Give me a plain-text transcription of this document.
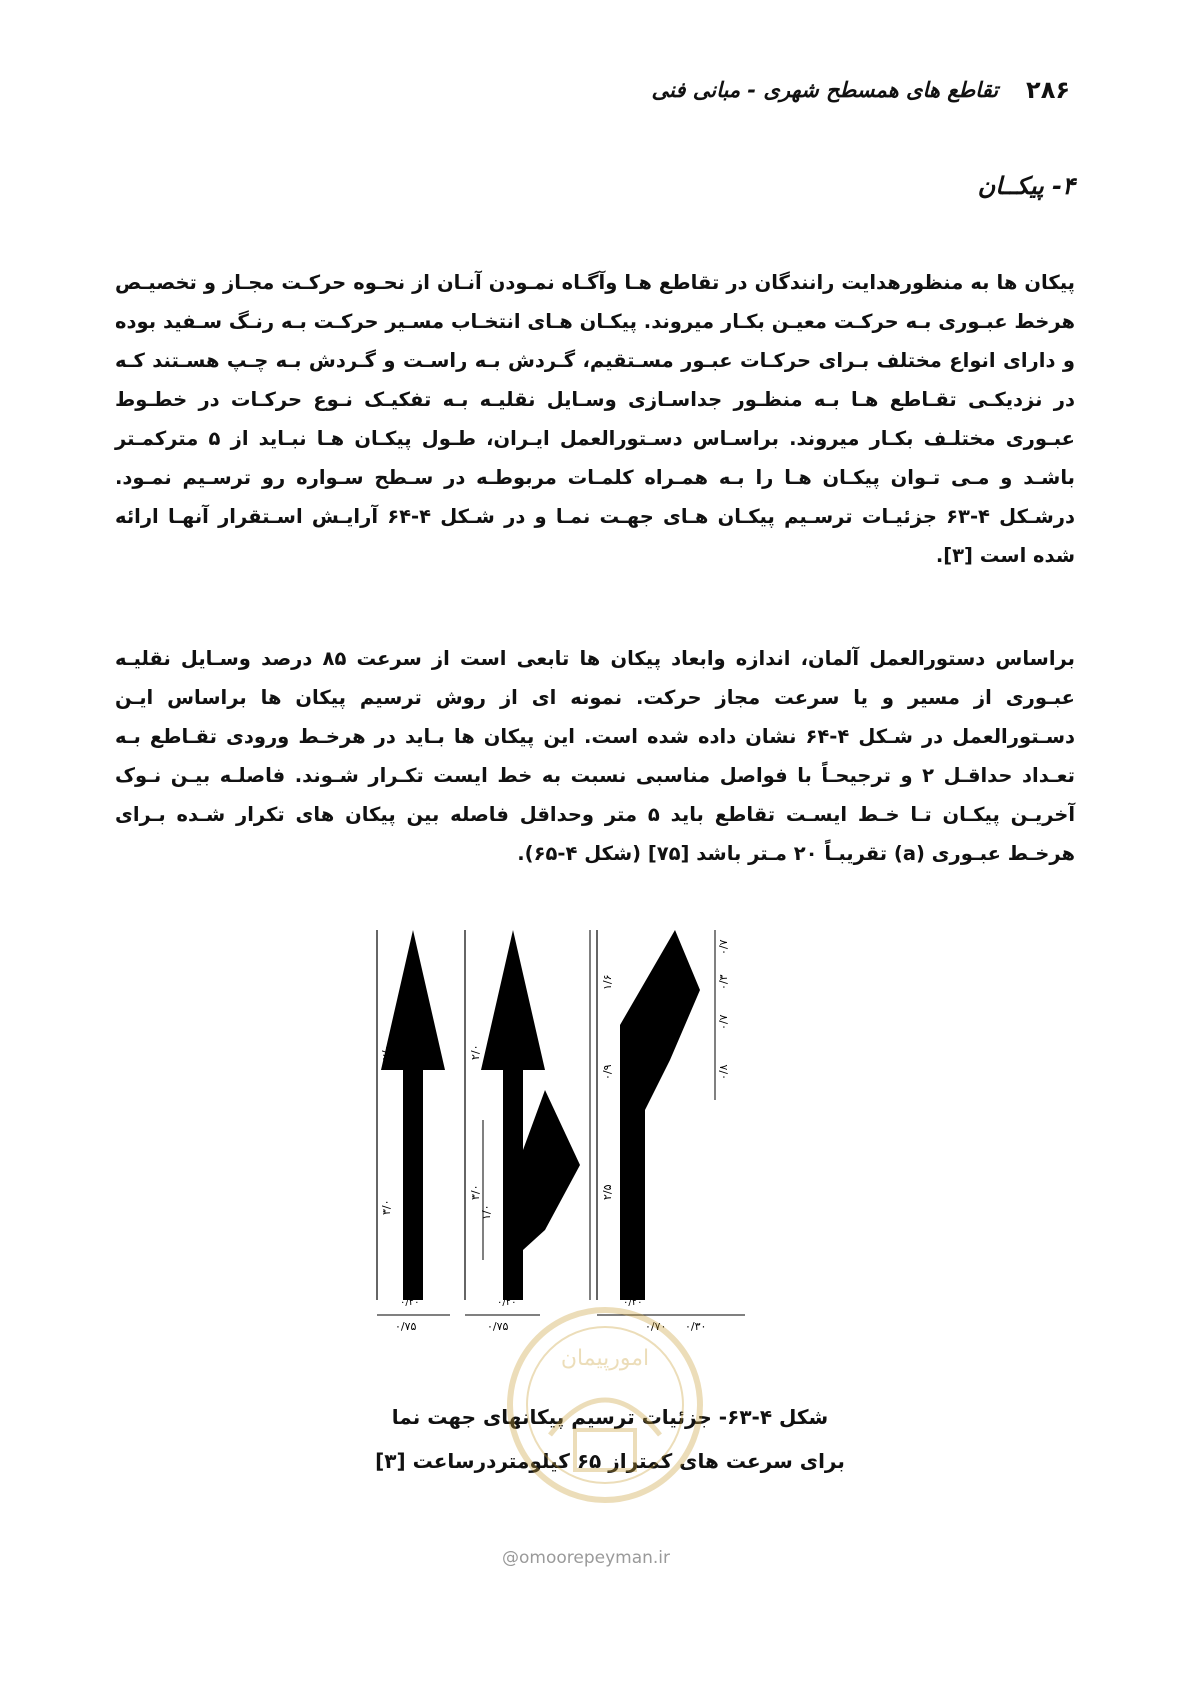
۲۸۶
تقاطع های همسطح شهری - مبانی فنی
۴- پیکــان

پیکان ها به منظورهدایت رانندگان در تقاطع هـا وآگـاه نمـودن آنـان از نحـوه حرکـت مجـاز و تخصیـص هرخط عبـوری بـه حرکـت معیـن بکـار میروند. پیکـان هـای انتخـاب مسـیر حرکـت بـه رنـگ سـفید بوده و دارای انواع مختلف بـرای حرکـات عبـور مسـتقیم، گـردش بـه راسـت و گـردش بـه چـپ هسـتند کـه در نزدیکـی تقـاطع هـا بـه منظـور جداسـازی وسـایل نقلیـه بـه تفکیـک نـوع حرکـات در خطـوط عبـوری مختلـف بکـار میروند. براسـاس دسـتورالعمل ایـران، طـول پیکـان هـا نبـاید از ۵ مترکمـتر باشـد و مـی تـوان پیکـان هـا را بـه همـراه کلمـات مربوطـه در سـطح سـواره رو ترسـیم نمـود. درشـکل ۴-۶۳ جزئیـات ترسـیم پیکـان هـای جهـت نمـا و در شـکل ۴-۶۴ آرایـش اسـتقرار آنهـا ارائه شده است [۳].

براساس دستورالعمل آلمان، اندازه وابعاد پیکان ها تابعی است از سرعت ۸۵ درصد وسـایل نقلیـه عبـوری از مسیر و یا سرعت مجاز حرکت. نمونه ای از روش ترسیم پیکان ها براساس ایـن دسـتورالعمل در شـکل ۴-۶۴ نشان داده شده است. این پیکان ها بـاید در هرخـط ورودی تقـاطع بـه تعـداد حداقـل ۲ و ترجیحـاً با فواصل مناسبی نسبت به خط ایست تکـرار شـوند. فاصلـه بیـن نـوک آخریـن پیکـان تـا خـط ایسـت تقاطع باید ۵ متر وحداقل فاصله بین پیکان های تکرار شـده بـرای هرخـط عبـوری (a) تقریبـاً ۲۰ مـتر باشد [۷۵] (شکل ۴-۶۵).

۲/۰
۳/۰
۰/۷۵
۲/۰
۳/۰
۱/۰
۴۵
۰/۷۵
۰/۲۰
۱/۶
۰/۹
۲/۵
۰/۷
۰/۳
۰/۷
۰/۸
۴۵
۰/۷۰ ۰/۳۰
۰/۲۰
۰/۲۰
شکل ۴-۶۳- جزئیات ترسیم پیکانهای جهت نما
برای سرعت های کمتراز ۶۵ کیلومتردرساعت [۳]
امورپیمان
@omoorepeyman.ir
